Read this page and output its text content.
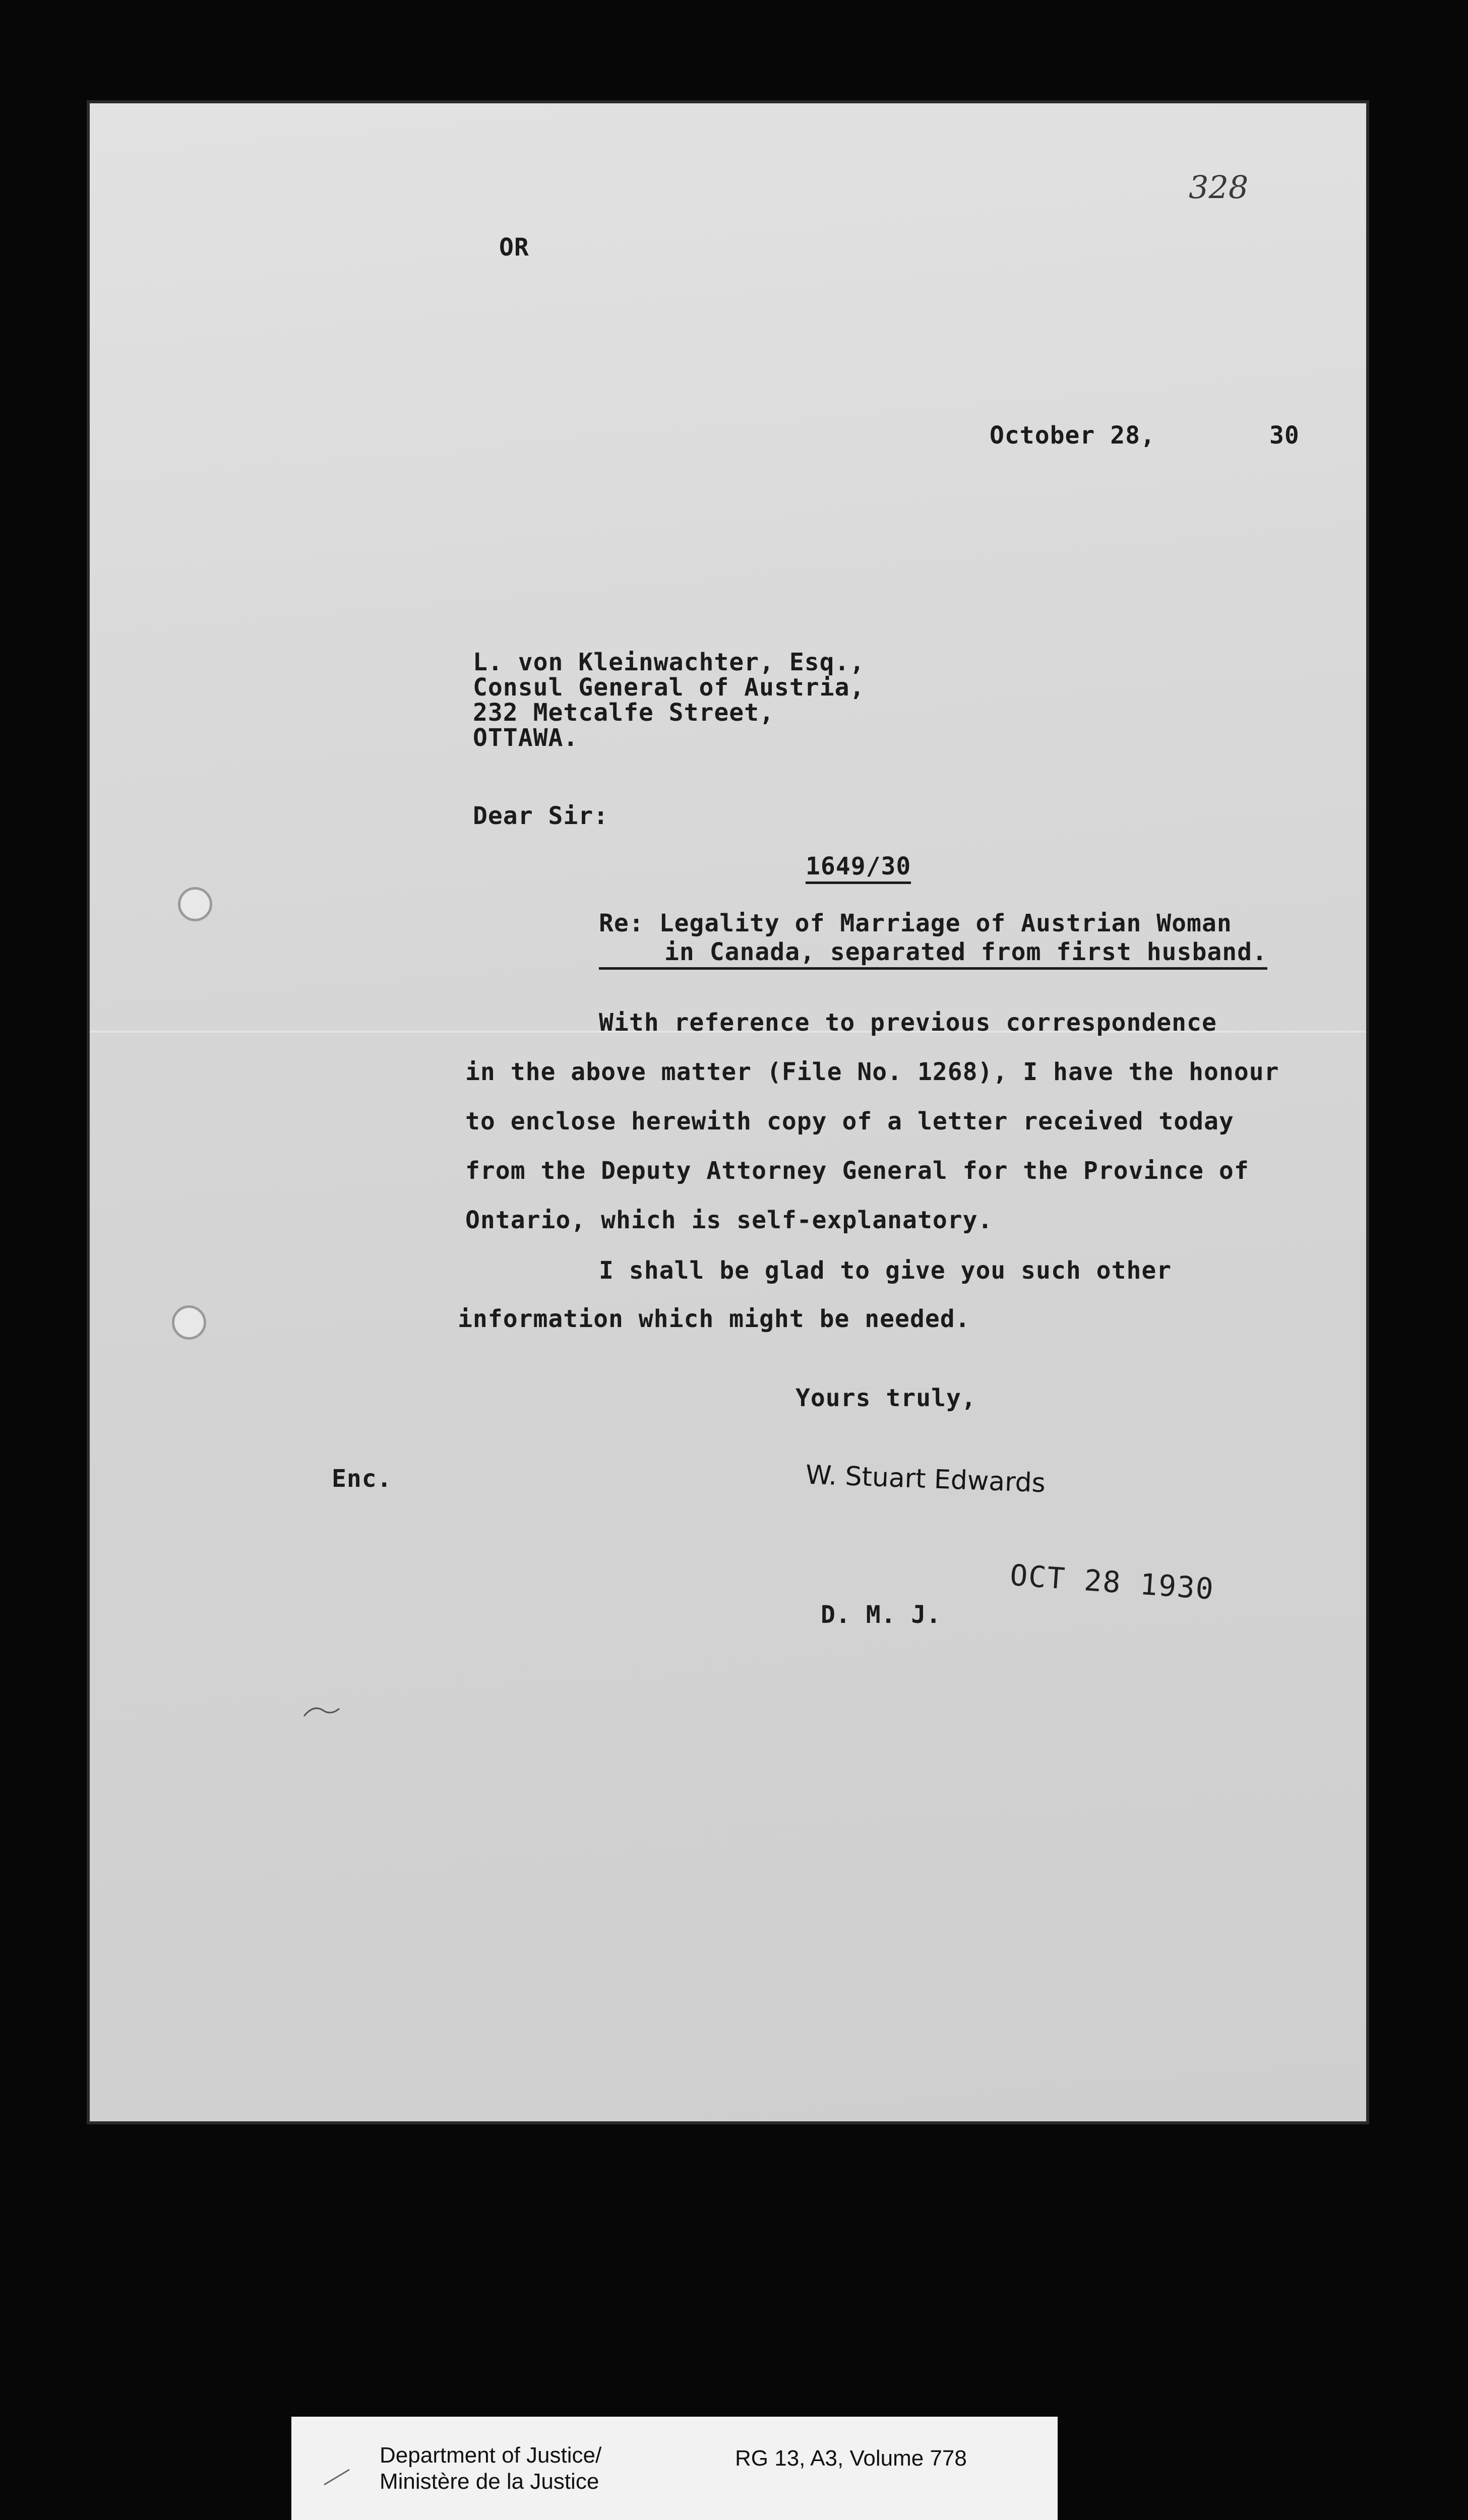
328
OR
October 28,	30
L. von Kleinwachter, Esq.,
Consul General of Austria,
232 Metcalfe Street,
OTTAWA.
Dear Sir:
1649/30
Re: Legality of Marriage of Austrian Woman
in Canada, separated from first husband.
With reference to previous correspondence
in the above matter (File No. 1268), I have the honour
to enclose herewith copy of a letter received today
from the Deputy Attorney General for the Province of
Ontario, which is self-explanatory.
I shall be glad to give you such other
information which might be needed.
Yours truly,
Enc.	W. Stuart Edwards
OCT 28 1930
D. M. J.
Department of Justice/
Ministère de la Justice
RG 13, A3, Volume 778
